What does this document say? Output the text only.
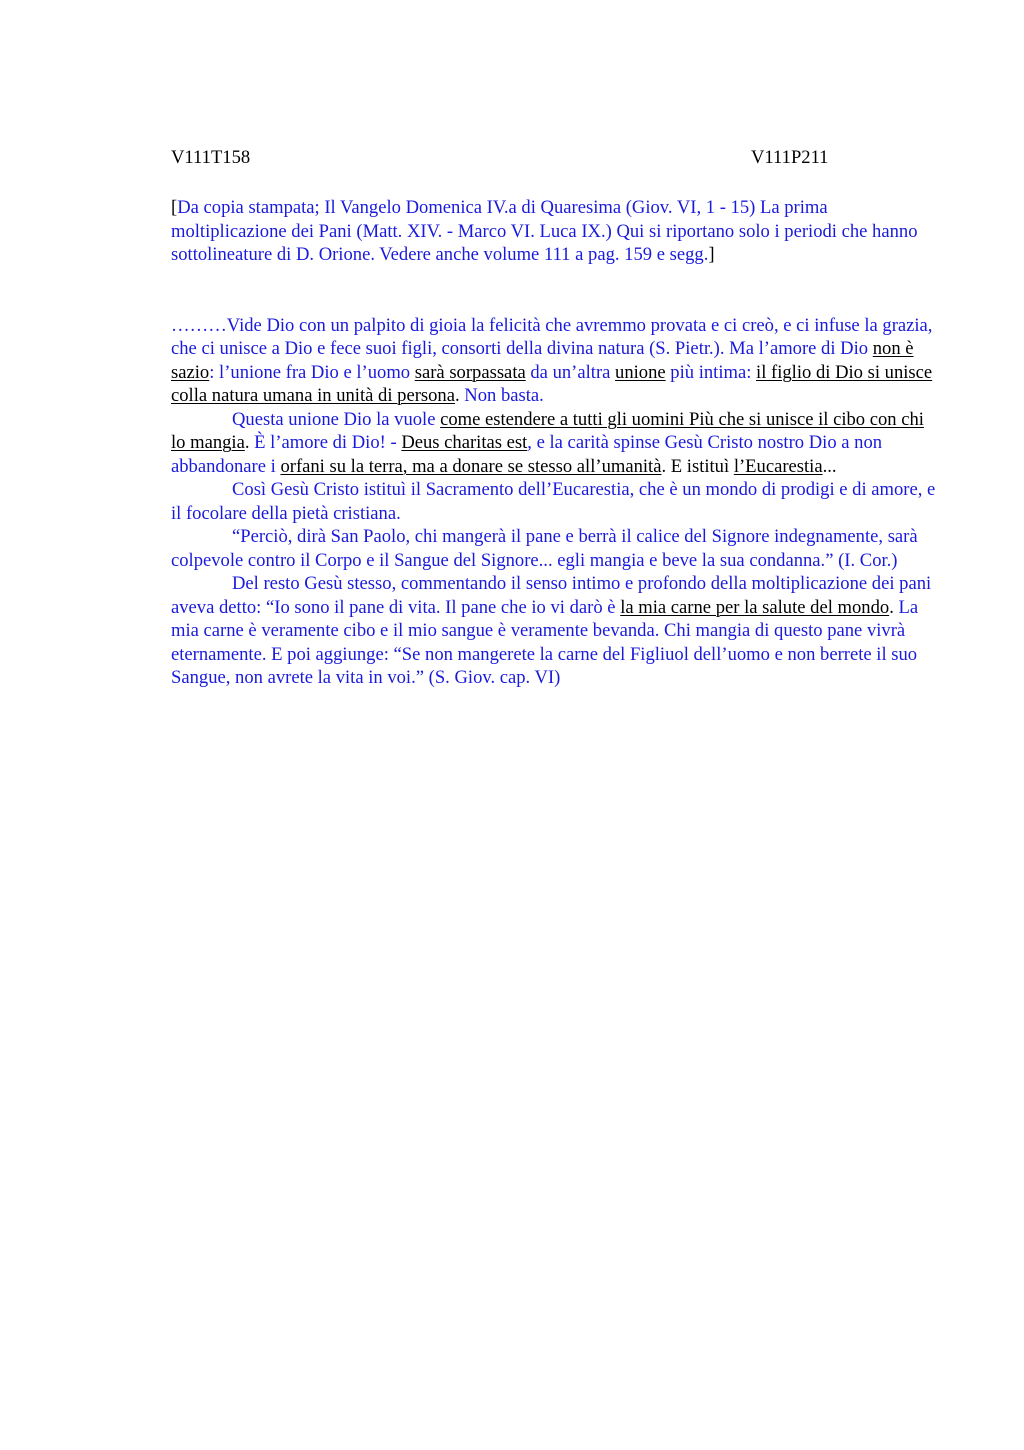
V111T158	V111P211

[Da copia stampata; Il Vangelo Domenica IV.a di Quaresima (Giov. VI, 1 - 15) La prima moltiplicazione dei Pani (Matt. XIV. - Marco VI. Luca IX.) Qui si riportano solo i periodi che hanno sottolineature di D. Orione. Vedere anche volume 111 a pag. 159 e segg.]

………Vide Dio con un palpito di gioia la felicità che avremmo provata e ci creò, e ci infuse la grazia, che ci unisce a Dio e fece suoi figli, consorti della divina natura (S. Pietr.). Ma l’amore di Dio non è sazio: l’unione fra Dio e l’uomo sarà sorpassata da un’altra unione più intima: il figlio di Dio si unisce colla natura umana in unità di persona. Non basta.

Questa unione Dio la vuole come estendere a tutti gli uomini Più che si unisce il cibo con chi lo mangia. È l’amore di Dio! - Deus charitas est, e la carità spinse Gesù Cristo nostro Dio a non abbandonare i orfani su la terra, ma a donare se stesso all’umanità. E istituì l’Eucarestia...

Così Gesù Cristo istituì il Sacramento dell’Eucarestia, che è un mondo di prodigi e di amore, e il focolare della pietà cristiana.

“Perciò, dirà San Paolo, chi mangerà il pane e berrà il calice del Signore indegnamente, sarà colpevole contro il Corpo e il Sangue del Signore... egli mangia e beve la sua condanna.” (I. Cor.)

Del resto Gesù stesso, commentando il senso intimo e profondo della moltiplicazione dei pani aveva detto: “Io sono il pane di vita. Il pane che io vi darò è la mia carne per la salute del mondo. La mia carne è veramente cibo e il mio sangue è veramente bevanda. Chi mangia di questo pane vivrà eternamente. E poi aggiunge: “Se non mangerete la carne del Figliuol dell’uomo e non berrete il suo Sangue, non avrete la vita in voi.” (S. Giov. cap. VI)
